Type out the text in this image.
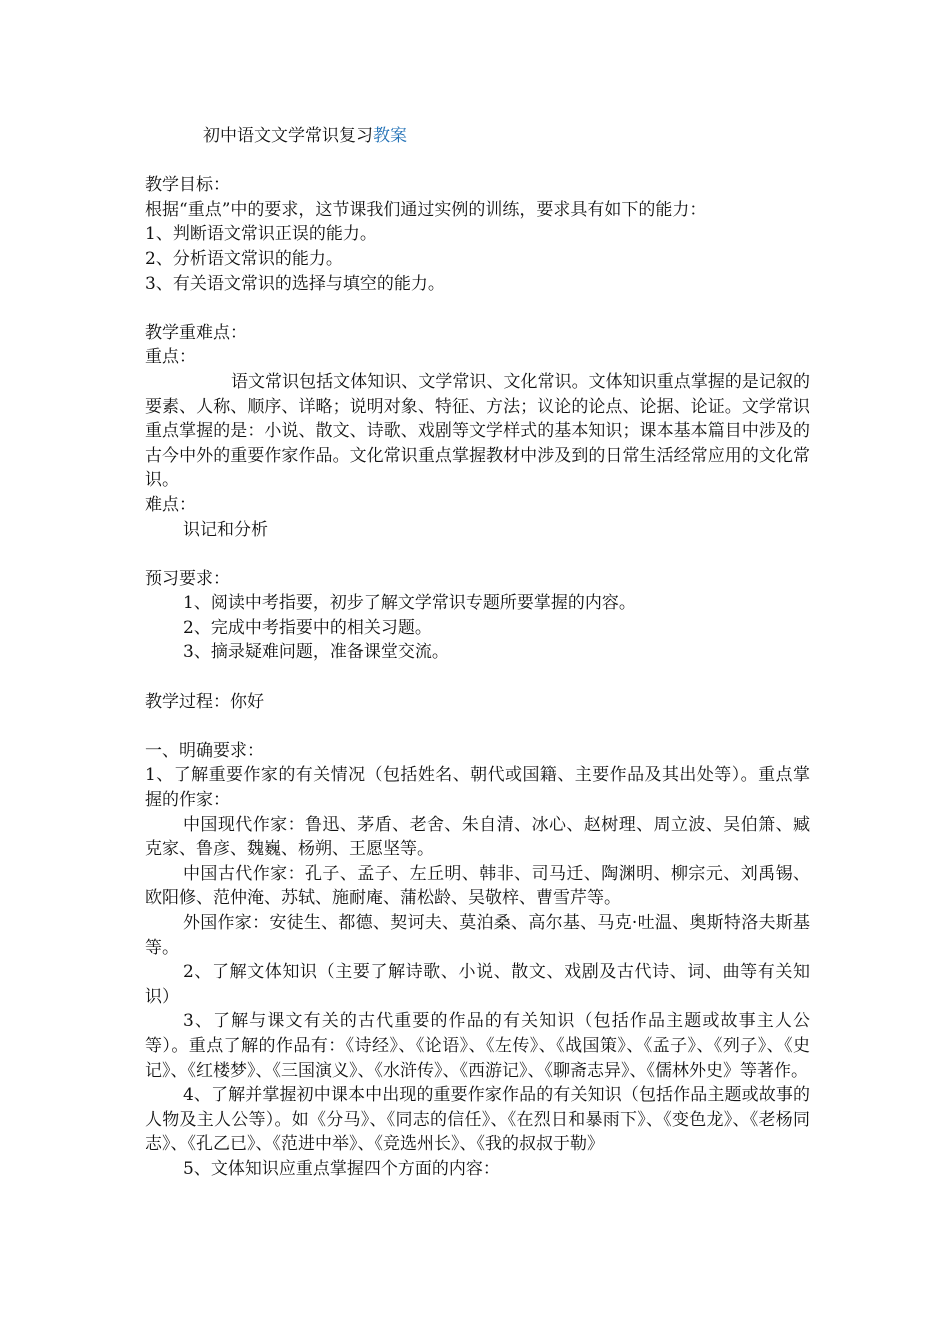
初中语文文学常识复习教案
教学目标：
根据“重点”中的要求，这节课我们通过实例的训练，要求具有如下的能力：
1、判断语文常识正误的能力。
2、分析语文常识的能力。
3、有关语文常识的选择与填空的能力。
教学重难点：
重点：
语文常识包括文体知识、文学常识、文化常识。文体知识重点掌握的是记叙的要素、人称、顺序、详略；说明对象、特征、方法；议论的论点、论据、论证。文学常识重点掌握的是：小说、散文、诗歌、戏剧等文学样式的基本知识；课本基本篇目中涉及的古今中外的重要作家作品。文化常识重点掌握教材中涉及到的日常生活经常应用的文化常识。
难点：
识记和分析
预习要求：
1、阅读中考指要，初步了解文学常识专题所要掌握的内容。
2、完成中考指要中的相关习题。
3、摘录疑难问题，准备课堂交流。
教学过程：你好
一、明确要求：
1、了解重要作家的有关情况（包括姓名、朝代或国籍、主要作品及其出处等）。重点掌握的作家：
中国现代作家：鲁迅、茅盾、老舍、朱自清、冰心、赵树理、周立波、吴伯箫、臧克家、鲁彦、魏巍、杨朔、王愿坚等。
中国古代作家：孔子、孟子、左丘明、韩非、司马迁、陶渊明、柳宗元、刘禹锡、欧阳修、范仲淹、苏轼、施耐庵、蒲松龄、吴敬梓、曹雪芹等。
外国作家：安徒生、都德、契诃夫、莫泊桑、高尔基、马克·吐温、奥斯特洛夫斯基等。
2、了解文体知识（主要了解诗歌、小说、散文、戏剧及古代诗、词、曲等有关知识）
3、了解与课文有关的古代重要的作品的有关知识（包括作品主题或故事主人公等）。重点了解的作品有：《诗经》、《论语》、《左传》、《战国策》、《孟子》、《列子》、《史记》、《红楼梦》、《三国演义》、《水浒传》、《西游记》、《聊斋志异》、《儒林外史》等著作。
4、了解并掌握初中课本中出现的重要作家作品的有关知识（包括作品主题或故事的人物及主人公等）。如《分马》、《同志的信任》、《在烈日和暴雨下》、《变色龙》、《老杨同志》、《孔乙已》、《范进中举》、《竞选州长》、《我的叔叔于勒》
5、文体知识应重点掌握四个方面的内容：
